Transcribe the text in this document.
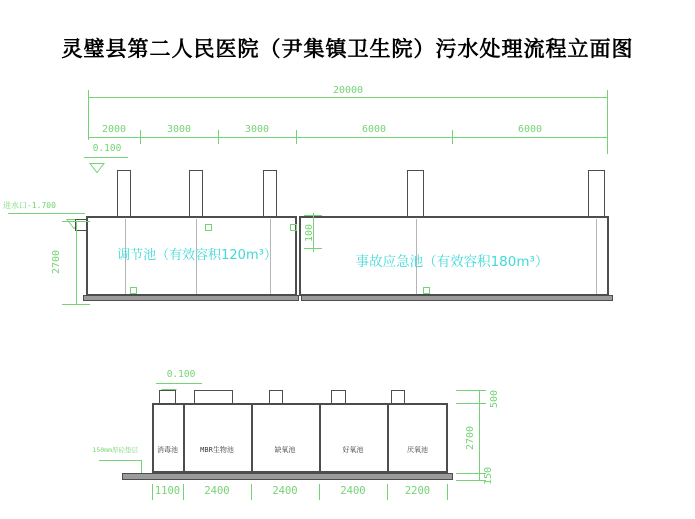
灵璧县第二人民医院（尹集镇卫生院）污水处理流程立面图
20000
2000	3000	3000	6000	6000
0.100
进水口-1.700
2700
100
调节池（有效容积120m³）	事故应急池（有效容积180m³）
0.100
消毒池	MBR生物池	缺氧池	好氧池	厌氧池
150mm厚砼垫层
500
2700
150
1100	2400	2400	2400	2200
